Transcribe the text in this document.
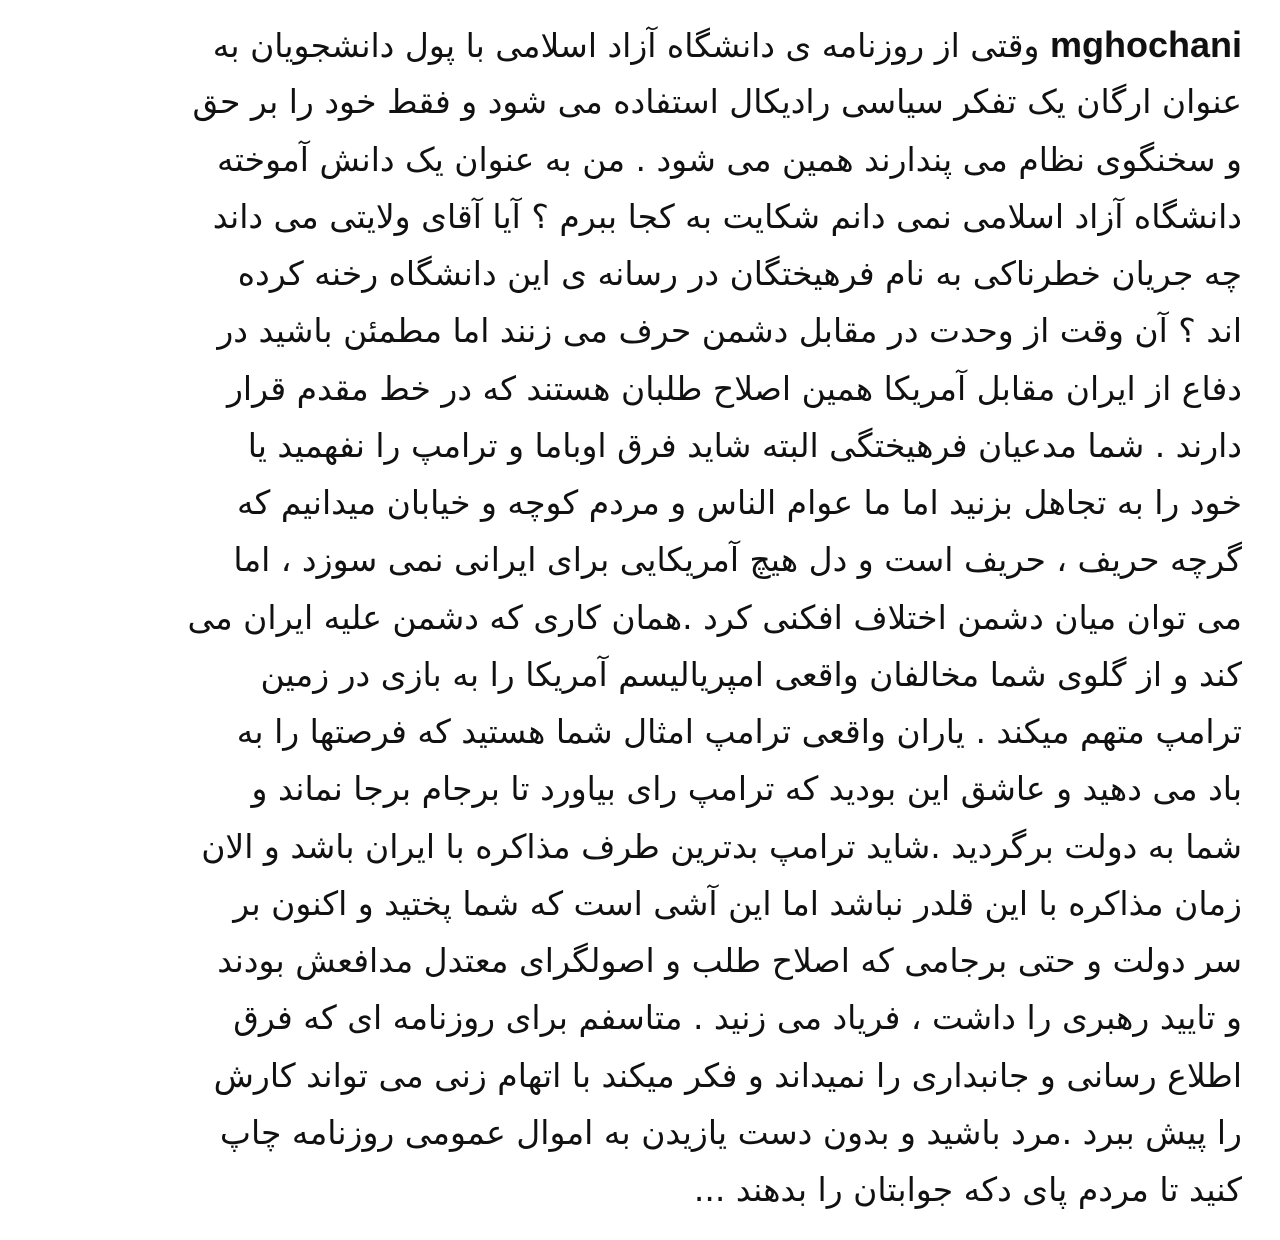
mghochani وقتی از روزنامه ی دانشگاه آزاد اسلامی با پول دانشجویان به
عنوان ارگان یک تفکر سیاسی رادیکال استفاده می شود و فقط خود را بر حق
و سخنگوی نظام می پندارند همین می شود . من به عنوان یک دانش آموخته
دانشگاه آزاد اسلامی نمی دانم شکایت به کجا ببرم ؟ آیا آقای ولایتی می داند
چه جریان خطرناکی به نام فرهیختگان در رسانه ی این دانشگاه رخنه کرده
اند ؟ آن وقت از وحدت در مقابل دشمن حرف می زنند اما مطمئن باشید در
دفاع از ایران مقابل آمریکا همین اصلاح طلبان هستند که در خط مقدم قرار
دارند . شما مدعیان فرهیختگی البته شاید فرق اوباما و ترامپ را نفهمید یا
خود را به تجاهل بزنید اما ما عوام الناس و مردم کوچه و خیابان میدانیم که
گرچه حریف ، حریف است و دل هیچ آمریکایی برای ایرانی نمی سوزد ، اما
می توان میان دشمن اختلاف افکنی کرد .همان کاری که دشمن علیه ایران می
کند و از گلوی شما مخالفان واقعی امپریالیسم آمریکا را به بازی در زمین
ترامپ متهم میکند . یاران واقعی ترامپ امثال شما هستید که فرصتها را به
باد می دهید و عاشق این بودید که ترامپ رای بیاورد تا برجام برجا نماند و
شما به دولت برگردید .شاید ترامپ بدترین طرف مذاکره با ایران باشد و الان
زمان مذاکره با این قلدر نباشد اما این آشی است که شما پختید و اکنون بر
سر دولت و حتی برجامی که اصلاح طلب و اصولگرای معتدل مدافعش بودند
و تایید رهبری را داشت ، فریاد می زنید . متاسفم برای روزنامه ای که فرق
اطلاع رسانی و جانبداری را نمیداند و فکر میکند با اتهام زنی می تواند کارش
را پیش ببرد .مرد باشید و بدون دست یازیدن به اموال عمومی روزنامه چاپ
کنید تا مردم پای دکه جوابتان را بدهند ...
